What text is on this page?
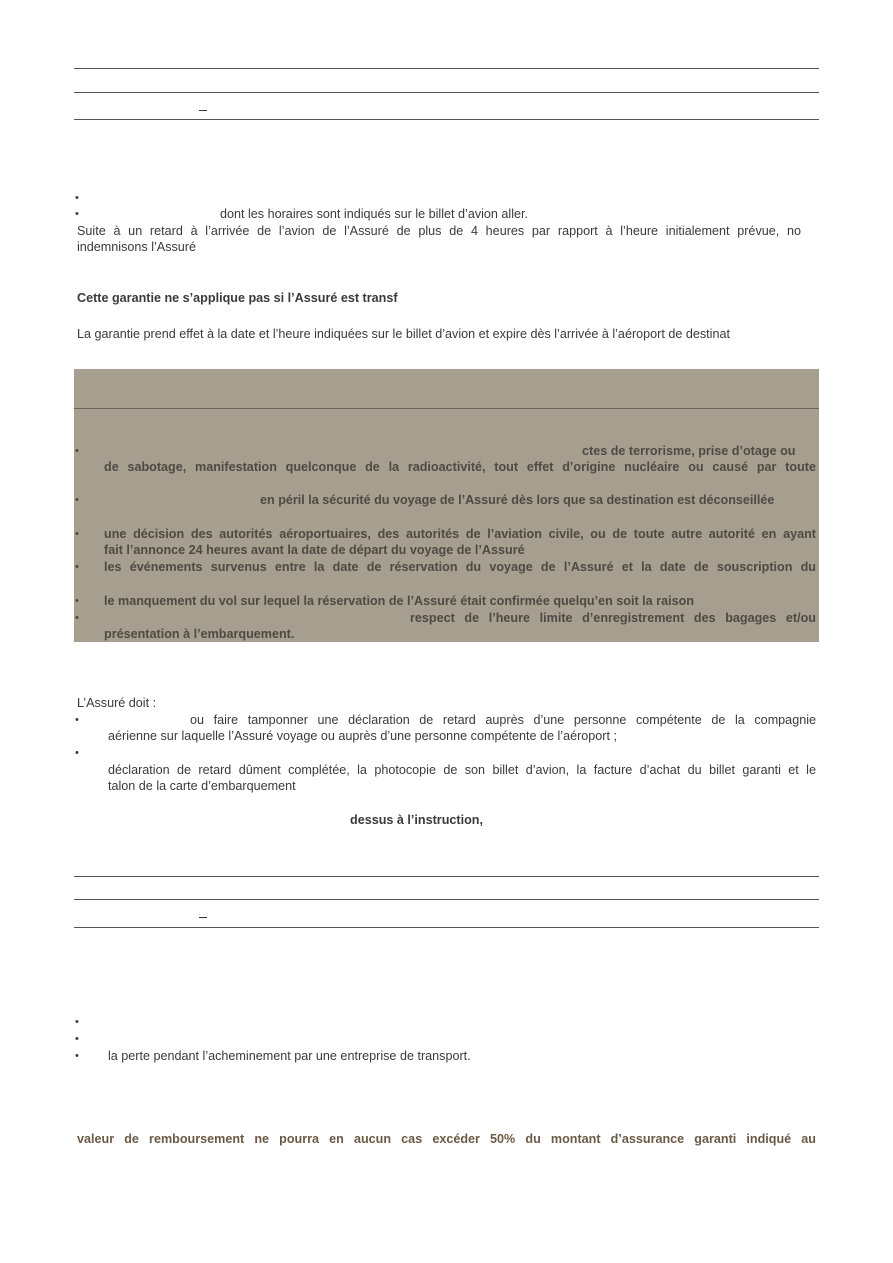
•
•	dont les horaires sont indiqués sur le billet d’avion aller.
Suite à un retard à l’arrivée de l’avion de l’Assuré de plus de 4 heures par rapport à l’heure initialement prévue, no
indemnisons l’Assuré
Cette garantie ne s’applique pas si l’Assuré est transf
La garantie prend effet à la date et l’heure indiquées sur le billet d’avion et expire dès l’arrivée à l’aéroport de destinat
•	ctes de terrorisme, prise d’otage ou
de sabotage, manifestation quelconque de la radioactivité, tout effet d’origine nucléaire ou causé par toute
•	en péril la sécurité du voyage de l’Assuré dès lors que sa destination est déconseillée
• une décision des autorités aéroportuaires, des autorités de l’aviation civile, ou de toute autre autorité en ayant
fait l’annonce 24 heures avant la date de départ du voyage de l’Assuré
• les événements survenus entre la date de réservation du voyage de l’Assuré et la date de souscription du
• le manquement du vol sur lequel la réservation de l’Assuré était confirmée quelqu’en soit la raison
•	respect de l’heure limite d’enregistrement des bagages et/ou
présentation à l’embarquement.
L’Assuré doit :
•	ou faire tamponner une déclaration de retard auprès d’une personne compétente de la compagnie
aérienne sur laquelle l’Assuré voyage ou auprès d’une personne compétente de l’aéroport ;
•
déclaration de retard dûment complétée, la photocopie de son billet d’avion, la facture d’achat du billet garanti et le
talon de la carte d’embarquement
dessus à l’instruction,
•
•
• la perte pendant l’acheminement par une entreprise de transport.
valeur de remboursement ne pourra en aucun cas excéder 50% du montant d’assurance garanti indiqué au
